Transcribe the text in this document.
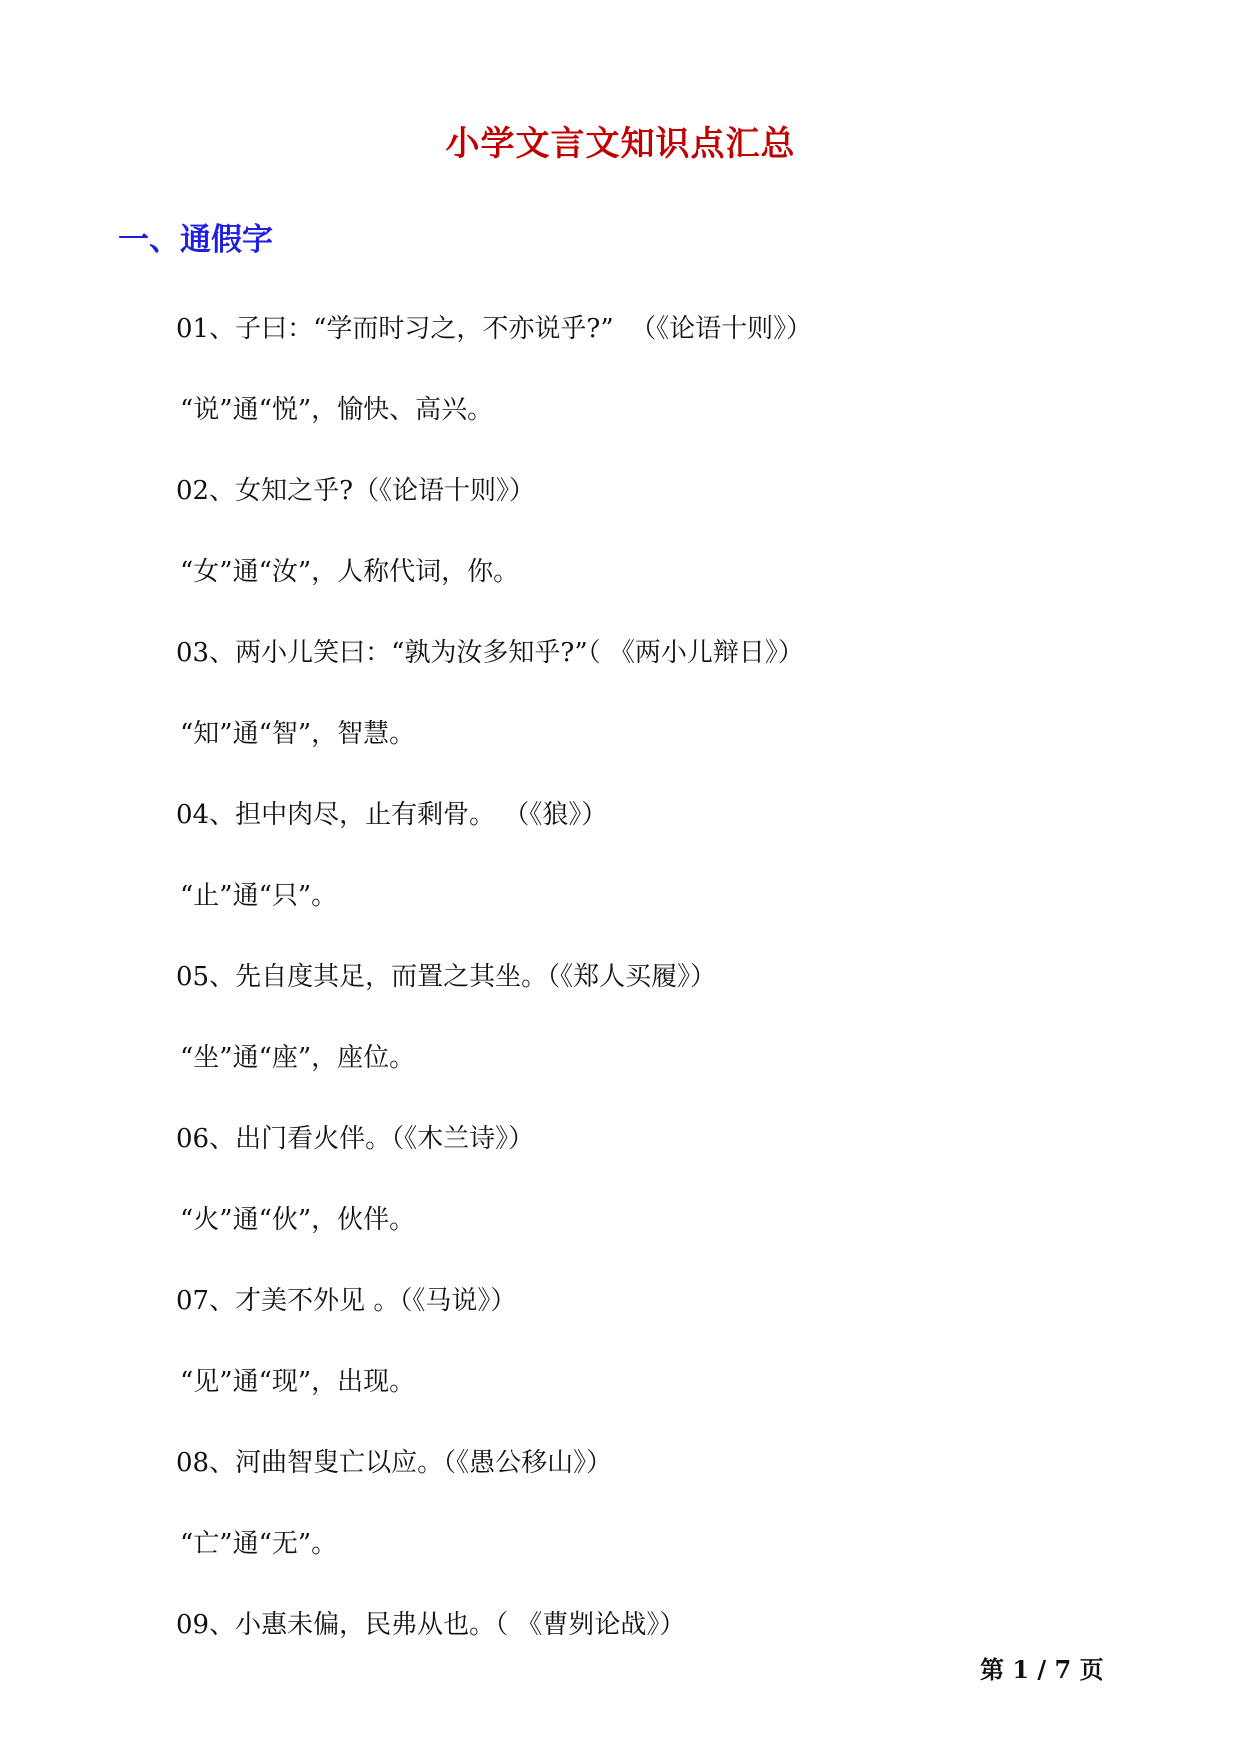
小学文言文知识点汇总
一、通假字
01、子曰：“学而时习之，不亦说乎?”  （《论语十则》）
“说”通“悦”，愉快、高兴。
02、女知之乎?（《论语十则》）
“女”通“汝”，人称代词，你。
03、两小儿笑曰：“孰为汝多知乎?”（ 《两小儿辩日》）
“知”通“智”，智慧。
04、担中肉尽，止有剩骨。 （《狼》）
“止”通“只”。
05、先自度其足，而置之其坐。（《郑人买履》）
“坐”通“座”，座位。
06、出门看火伴。（《木兰诗》）
“火”通“伙”，伙伴。
07、才美不外见 。（《马说》）
“见”通“现”，出现。
08、河曲智叟亡以应。（《愚公移山》）
“亡”通“无”。
09、小惠未偏，民弗从也。（ 《曹刿论战》）
第 1 / 7 页
